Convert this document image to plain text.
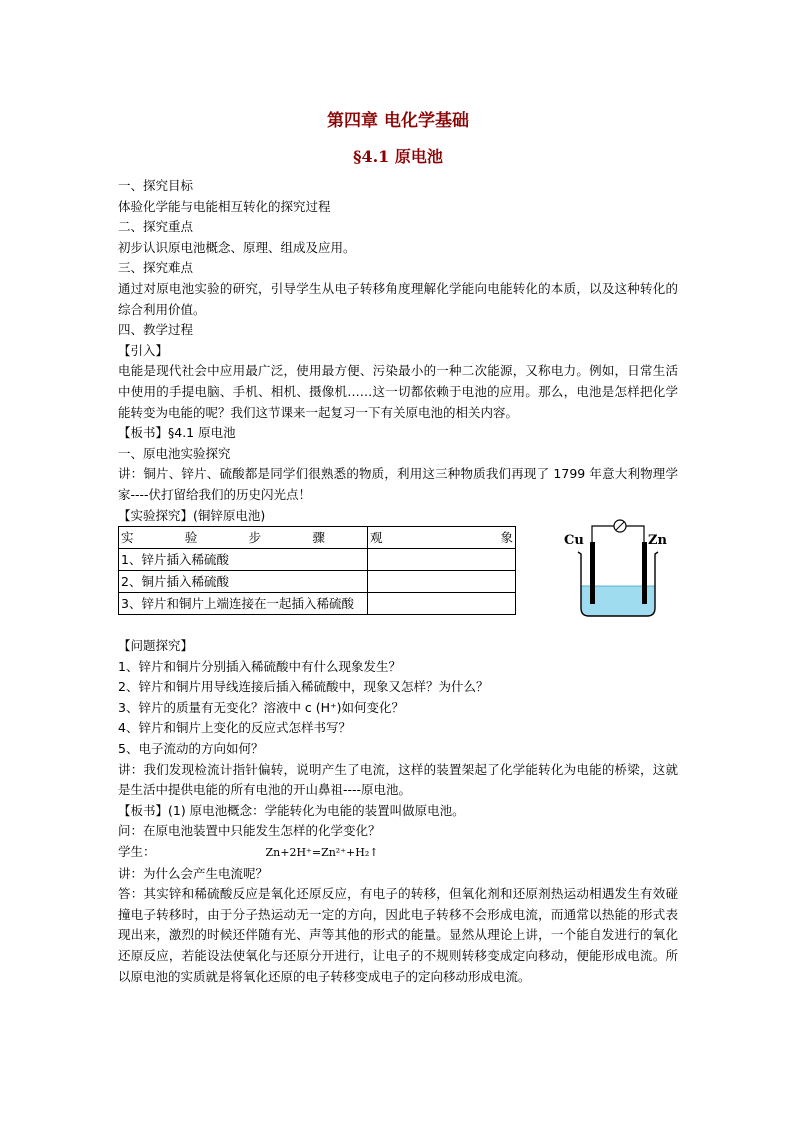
第四章 电化学基础
§4.1 原电池
一、探究目标
体验化学能与电能相互转化的探究过程
二、探究重点
初步认识原电池概念、原理、组成及应用。
三、探究难点
通过对原电池实验的研究，引导学生从电子转移角度理解化学能向电能转化的本质，以及这种转化的综合利用价值。
四、教学过程
【引入】
电能是现代社会中应用最广泛，使用最方便、污染最小的一种二次能源，又称电力。例如，日常生活中使用的手提电脑、手机、相机、摄像机……这一切都依赖于电池的应用。那么，电池是怎样把化学能转变为电能的呢？我们这节课来一起复习一下有关原电池的相关内容。
【板书】§4.1 原电池
一、原电池实验探究
讲：铜片、锌片、硫酸都是同学们很熟悉的物质，利用这三种物质我们再现了 1799 年意大利物理学家----伏打留给我们的历史闪光点！
【实验探究】(铜锌原电池)
实 验 步 骤	观 象

1、锌片插入稀硫酸	
2、铜片插入稀硫酸	
3、锌片和铜片上端连接在一起插入稀硫酸	
Cu	Zn
【问题探究】
1、锌片和铜片分别插入稀硫酸中有什么现象发生？
2、锌片和铜片用导线连接后插入稀硫酸中，现象又怎样？为什么？
3、锌片的质量有无变化？溶液中 c (H⁺)如何变化？
4、锌片和铜片上变化的反应式怎样书写？
5、电子流动的方向如何？
讲：我们发现检流计指针偏转，说明产生了电流，这样的装置架起了化学能转化为电能的桥梁，这就是生活中提供电能的所有电池的开山鼻祖----原电池。
【板书】(1) 原电池概念：学能转化为电能的装置叫做原电池。
问：在原电池装置中只能发生怎样的化学变化？
学生：	Zn+2H⁺=Zn²⁺+H₂↑
讲：为什么会产生电流呢？
答：其实锌和稀硫酸反应是氧化还原反应，有电子的转移，但氧化剂和还原剂热运动相遇发生有效碰撞电子转移时，由于分子热运动无一定的方向，因此电子转移不会形成电流，而通常以热能的形式表现出来，激烈的时候还伴随有光、声等其他的形式的能量。显然从理论上讲，一个能自发进行的氧化还原反应，若能设法使氧化与还原分开进行，让电子的不规则转移变成定向移动，便能形成电流。所以原电池的实质就是将氧化还原的电子转移变成电子的定向移动形成电流。
